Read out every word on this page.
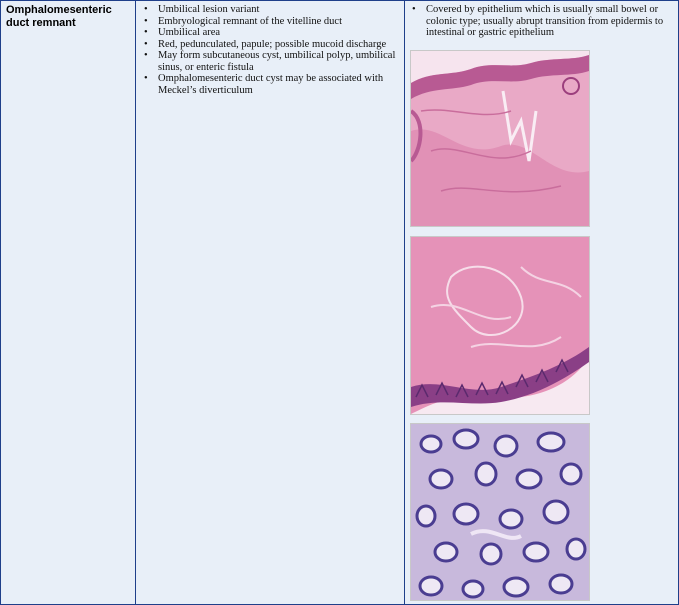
Omphalomesenteric duct remnant
• Umbilical lesion variant
• Embryological remnant of the vitelline duct
• Umbilical area
• Red, pedunculated, papule; possible mucoid discharge
• May form subcutaneous cyst, umbilical polyp, umbilical sinus, or enteric fistula
• Omphalomesenteric duct cyst may be associated with Meckel’s diverticulum
• Covered by epithelium which is usually small bowel or colonic type; usually abrupt transition from epidermis to intestinal or gastric epithelium
